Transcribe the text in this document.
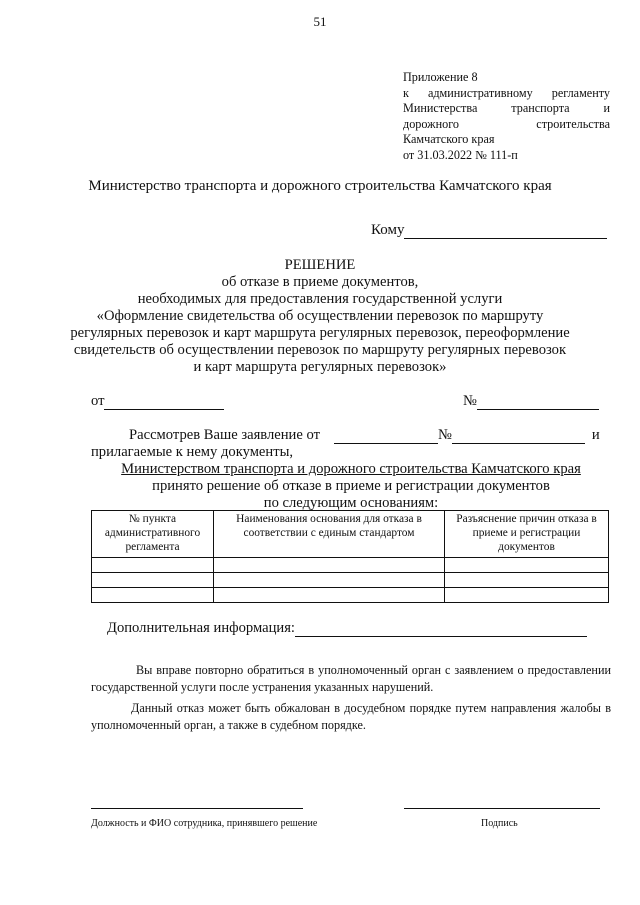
51
Приложение 8
к административному регламенту
Министерства	транспорта	и
дорожного	строительства
Камчатского края
от 31.03.2022 № 111-п
Министерство транспорта и дорожного строительства Камчатского края
Кому
РЕШЕНИЕ
об отказе в приеме документов,
необходимых для предоставления государственной услуги
«Оформление свидетельства об осуществлении перевозок по маршруту
регулярных перевозок и карт маршрута регулярных перевозок, переоформление
свидетельств об осуществлении перевозок по маршруту регулярных перевозок
и карт маршрута регулярных перевозок»
от	№
Рассмотрев Ваше заявление от	№	и
прилагаемые к нему документы,
Министерством транспорта и дорожного строительства Камчатского края
принято решение об отказе в приеме и регистрации документов
по следующим основаниям:
№ пункта административного регламента	Наименования основания для отказа в соответствии с единым стандартом	Разъяснение причин отказа в приеме и регистрации документов

Дополнительная информация:
Вы вправе повторно обратиться в уполномоченный орган с заявлением о предоставлении государственной услуги после устранения указанных нарушений.
Данный отказ может быть обжалован в досудебном порядке путем направления жалобы в уполномоченный орган, а также в судебном порядке.
Должность и ФИО сотрудника, принявшего решение	Подпись
